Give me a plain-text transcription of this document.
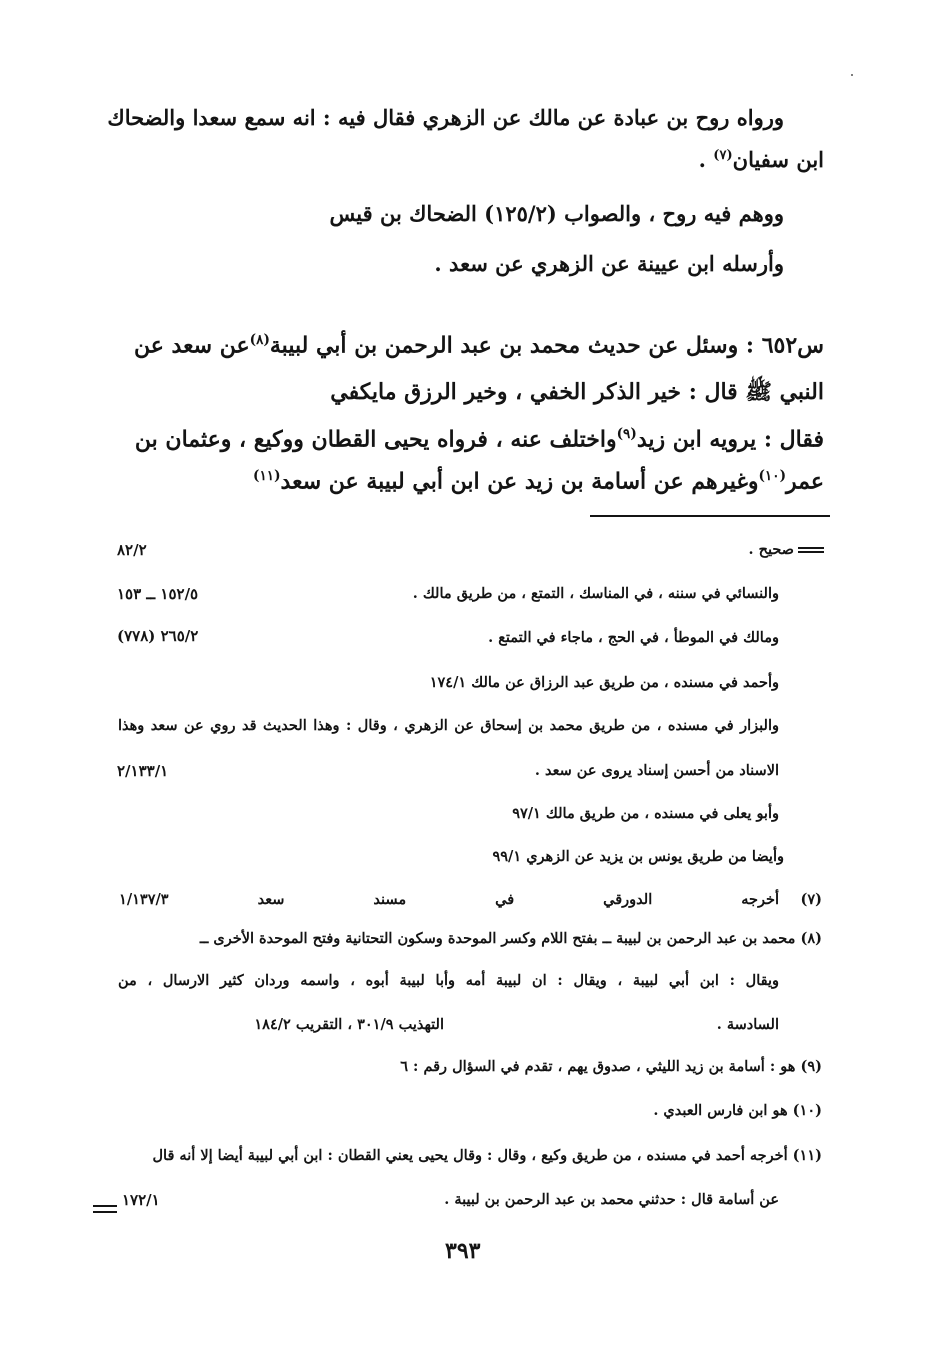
ورواه روح بن عبادة عن مالك عن الزهري فقال فيه : انه سمع سعدا والضحاك
ابن سفيان$^{(٧)}$ .
ووهم فيه روح ، والصواب (١٢٥/٢) الضحاك بن قيس
وأرسله ابن عيينة عن الزهري عن سعد .
س٦٥٢ : وسئل عن حديث محمد بن عبد الرحمن بن أبي لبيبة$^{(٨)}$عن سعد عن
النبي ﷺ قال : خير الذكر الخفي ، وخير الرزق مايكفي
فقال : يرويه ابن زيد$^{(٩)}$واختلف عنه ، فرواه يحيى القطان ووكيع ، وعثمان بن
عمر$^{(١٠)}$وغيرهم عن أسامة بن زيد عن ابن أبي لبيبة عن سعد$^{(١١)}$
صحيح .
٨٢/٢
والنسائي في سننه ، في المناسك ، التمتع ، من طريق مالك .
١٥٢/٥ ــ ١٥٣
ومالك في الموطأ ، في الحج ، ماجاء في التمتع .
٢٦٥/٢ (٧٧٨)
وأحمد في مسنده ، من طريق عبد الرزاق عن مالك ١٧٤/١
والبزار في مسنده ، من طريق محمد بن إسحاق عن الزهري ، وقال : وهذا الحديث قد روي عن سعد وهذا
الاسناد من أحسن إسناد يروى عن سعد .
٢/١٣٣/١
وأبو يعلى في مسنده ، من طريق مالك ٩٧/١
وأيضا من طريق يونس بن يزيد عن الزهري ٩٩/١
(٧)
أخرجه
الدورقي
في
مسند
سعد
١/١٣٧/٣
(٨) محمد بن عبد الرحمن بن لبيبة ــ بفتح اللام وكسر الموحدة وسكون التحتانية وفتح الموحدة الأخرى ــ
ويقال : ابن أبي لبيبة ، ويقال : ان لبيبة أمه وأبا لبيبة أبوه ، واسمه وردان كثير الارسال ، من
السادسة .
التهذيب ٣٠١/٩ ، التقريب ١٨٤/٢
(٩) هو : أسامة بن زيد الليثي ، صدوق يهم ، تقدم في السؤال رقم : ٦
(١٠) هو ابن فارس العبدي .
(١١) أخرجه أحمد في مسنده ، من طريق وكيع ، وقال : وقال يحيى يعني القطان : ابن أبي لبيبة أيضا إلا أنه قال
عن أسامة قال : حدثني محمد بن عبد الرحمن بن لبيبة .
١٧٢/١
٣٩٣
